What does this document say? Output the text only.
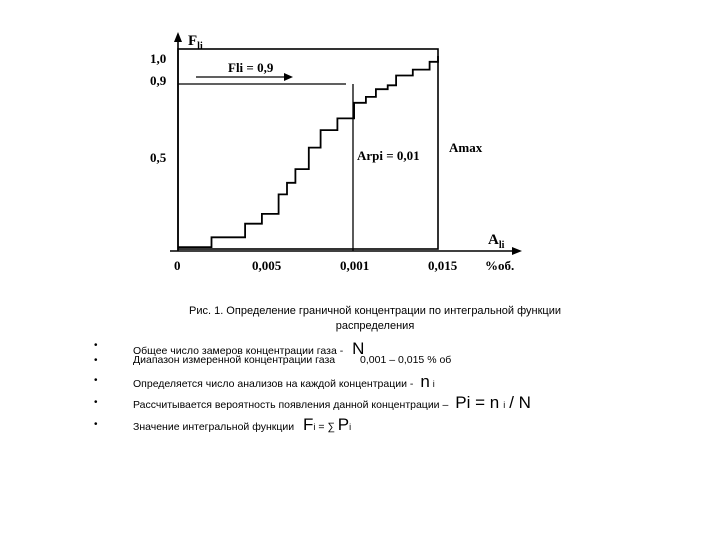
1,0
0,9
0,5
0	0,005	0,001	0,015 %об.
$F_{li}$
$A_{li}$
Fli = 0,9
Arpi = 0,01
Amax
Рис. 1. Определение граничной концентрации по интегральной функции
распределения
•	Общее число замеров концентрации газа - N
•	Диапазон измеренной концентрации газа 0,001 – 0,015 % об
•	Определяется число анализов на каждой концентрации - n i
•	Рассчитывается вероятность появления данной концентрации – Pi = n i / N
•	Значение интегральной функции Fi = ∑ Pi
